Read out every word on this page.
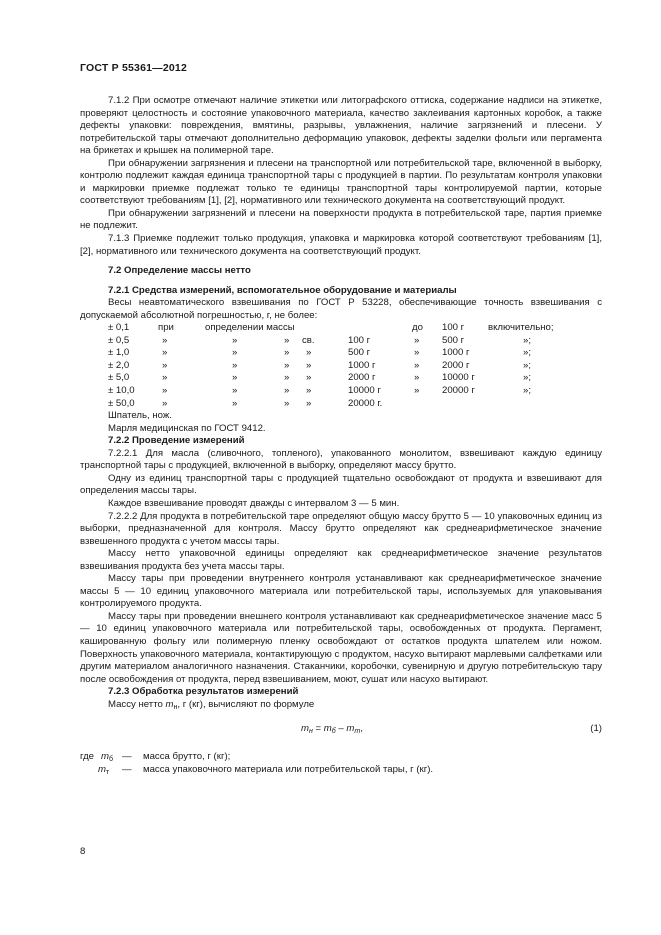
ГОСТ Р 55361—2012

7.1.2 При осмотре отмечают наличие этикетки или литографского оттиска, содержание надписи на этикетке, проверяют целостность и состояние упаковочного материала, качество заклеивания картонных коробок, а также дефекты упаковки: повреждения, вмятины, разрывы, увлажнения, наличие загрязнений и плесени. У потребительской тары отмечают дополнительно деформацию упаковок, дефекты заделки фольги или пергамента на брикетах и крышек на полимерной таре.

При обнаружении загрязнения и плесени на транспортной или потребительской таре, включенной в выборку, контролю подлежит каждая единица транспортной тары с продукцией в партии. По результатам контроля упаковки и маркировки приемке подлежат только те единицы транспортной тары контролируемой партии, которые соответствуют требованиям [1], [2], нормативного или технического документа на соответствующий продукт.

При обнаружении загрязнений и плесени на поверхности продукта в потребительской таре, партия приемке не подлежит.

7.1.3 Приемке подлежит только продукция, упаковка и маркировка которой соответствуют требованиям [1], [2], нормативного или технического документа на соответствующий продукт.

7.2 Определение массы нетто

7.2.1 Средства измерений, вспомогательное оборудование и материалы

Весы неавтоматического взвешивания по ГОСТ Р 53228, обеспечивающие точность взвешивания с допускаемой абсолютной погрешностью, г, не более:

± 0,1	при	определении массы	до 100 г включительно;
± 0,5	»	»	» св.	100 г	» 500 г	»;
± 1,0	»	»	» »	500 г	» 1000 г	»;
± 2,0	»	»	» »	1000 г	» 2000 г	»;
± 5,0	»	»	» »	2000 г	» 10000 г	»;
± 10,0	»	»	» »	10000 г	» 20000 г	»;
± 50,0	»	»	» »	20000 г.

Шпатель, нож.

Марля медицинская по ГОСТ 9412.

7.2.2 Проведение измерений

7.2.2.1 Для масла (сливочного, топленого), упакованного монолитом, взвешивают каждую единицу транспортной тары с продукцией, включенной в выборку, определяют массу брутто.

Одну из единиц транспортной тары с продукцией тщательно освобождают от продукта и взвешивают для определения массы тары.

Каждое взвешивание проводят дважды с интервалом 3 — 5 мин.

7.2.2.2 Для продукта в потребительской таре определяют общую массу брутто 5 — 10 упаковочных единиц из выборки, предназначенной для контроля. Массу брутто определяют как среднеарифметическое значение взвешенного продукта с учетом массы тары.

Массу нетто упаковочной единицы определяют как среднеарифметическое значение результатов взвешивания продукта без учета массы тары.

Массу тары при проведении внутреннего контроля устанавливают как среднеарифметическое значение массы 5 — 10 единиц упаковочного материала или потребительской тары, используемых для упаковывания контролируемого продукта.

Массу тары при проведении внешнего контроля устанавливают как среднеарифметическое значение масс 5 — 10 единиц упаковочного материала или потребительской тары, освобожденных от продукта. Пергамент, кашированную фольгу или полимерную пленку освобождают от остатков продукта шпателем или ножом. Поверхность упаковочного материала, контактирующую с продуктом, насухо вытирают марлевыми салфетками или другим материалом аналогичного назначения. Стаканчики, коробочки, сувенирную и другую потребительскую тару после освобождения от продукта, перед взвешиванием, моют, сушат или насухо вытирают.

7.2.3 Обработка результатов измерений

Массу нетто $m_н$, г (кг), вычисляют по формуле

$m_н = m_б - m_т$,	(1)
где $m_б$ — масса брутто, г (кг);
$m_т$ — масса упаковочного материала или потребительской тары, г (кг).
8
